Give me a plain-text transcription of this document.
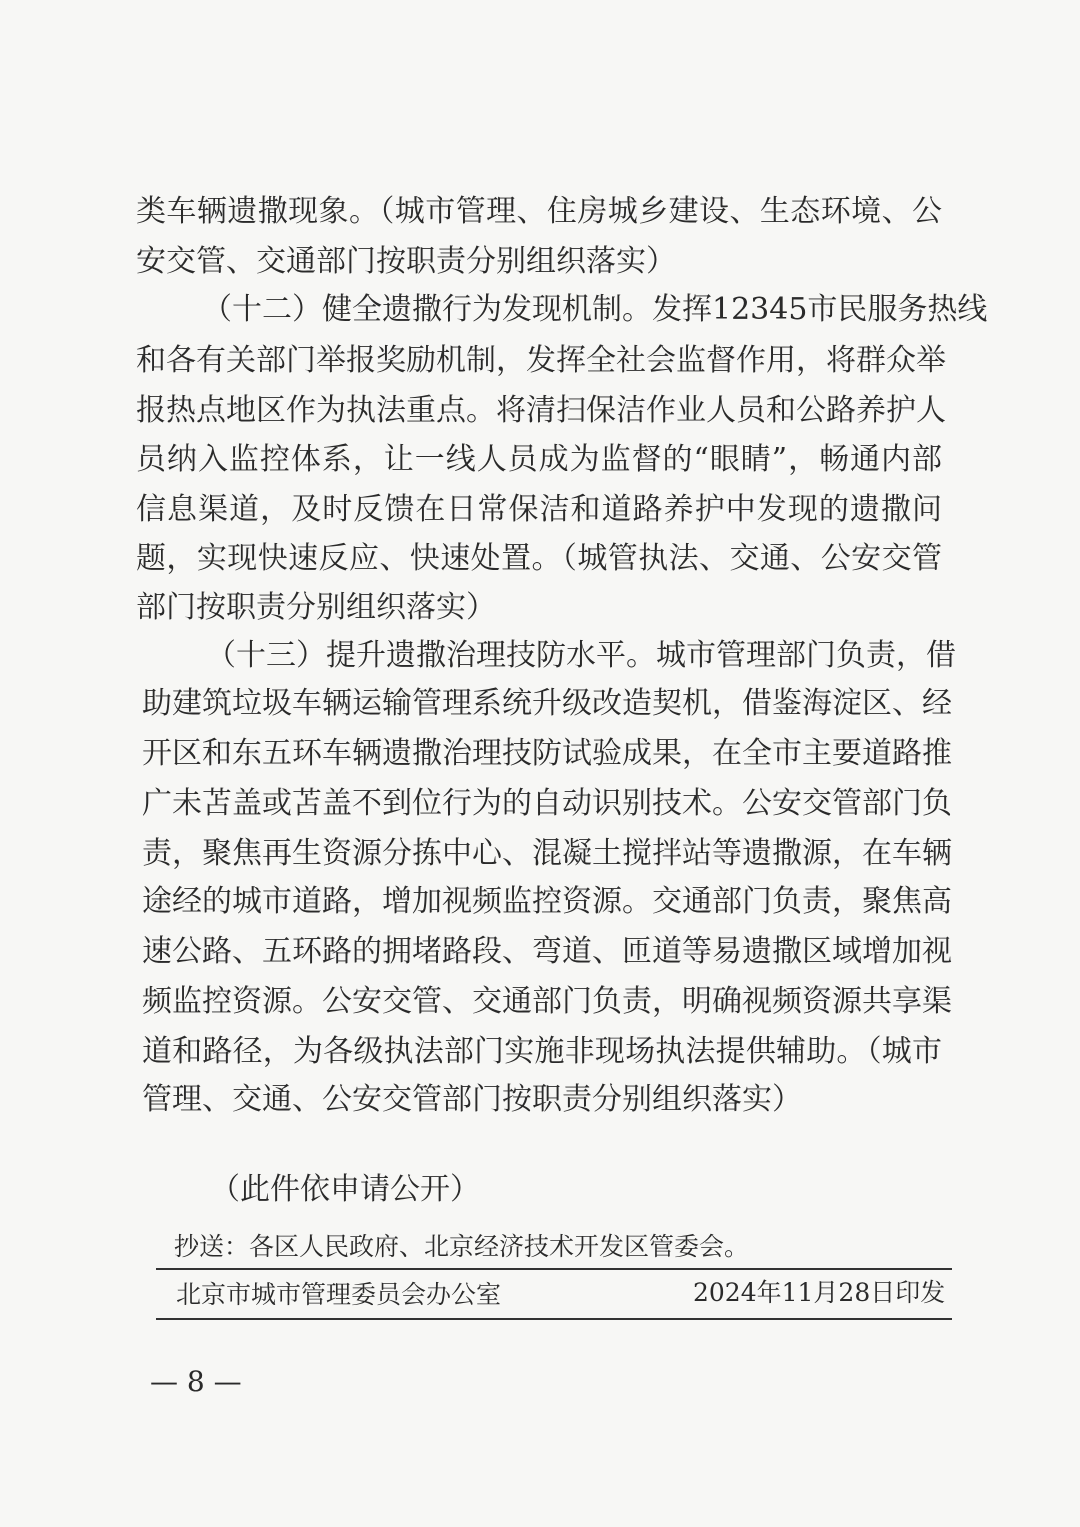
类车辆遗撒现象。（城市管理、住房城乡建设、生态环境、公
安交管、交通部门按职责分别组织落实）
（十二）健全遗撒行为发现机制。发挥12345市民服务热线
和各有关部门举报奖励机制，发挥全社会监督作用，将群众举
报热点地区作为执法重点。将清扫保洁作业人员和公路养护人
员纳入监控体系，让一线人员成为监督的“眼睛”，畅通内部
信息渠道，及时反馈在日常保洁和道路养护中发现的遗撒问
题，实现快速反应、快速处置。（城管执法、交通、公安交管
部门按职责分别组织落实）
（十三）提升遗撒治理技防水平。城市管理部门负责，借
助建筑垃圾车辆运输管理系统升级改造契机，借鉴海淀区、经
开区和东五环车辆遗撒治理技防试验成果，在全市主要道路推
广未苫盖或苫盖不到位行为的自动识别技术。公安交管部门负
责，聚焦再生资源分拣中心、混凝土搅拌站等遗撒源，在车辆
途经的城市道路，增加视频监控资源。交通部门负责，聚焦高
速公路、五环路的拥堵路段、弯道、匝道等易遗撒区域增加视
频监控资源。公安交管、交通部门负责，明确视频资源共享渠
道和路径，为各级执法部门实施非现场执法提供辅助。（城市
管理、交通、公安交管部门按职责分别组织落实）
（此件依申请公开）
抄送：各区人民政府、北京经济技术开发区管委会。
北京市城市管理委员会办公室	2024年11月28日印发
— 8 —
